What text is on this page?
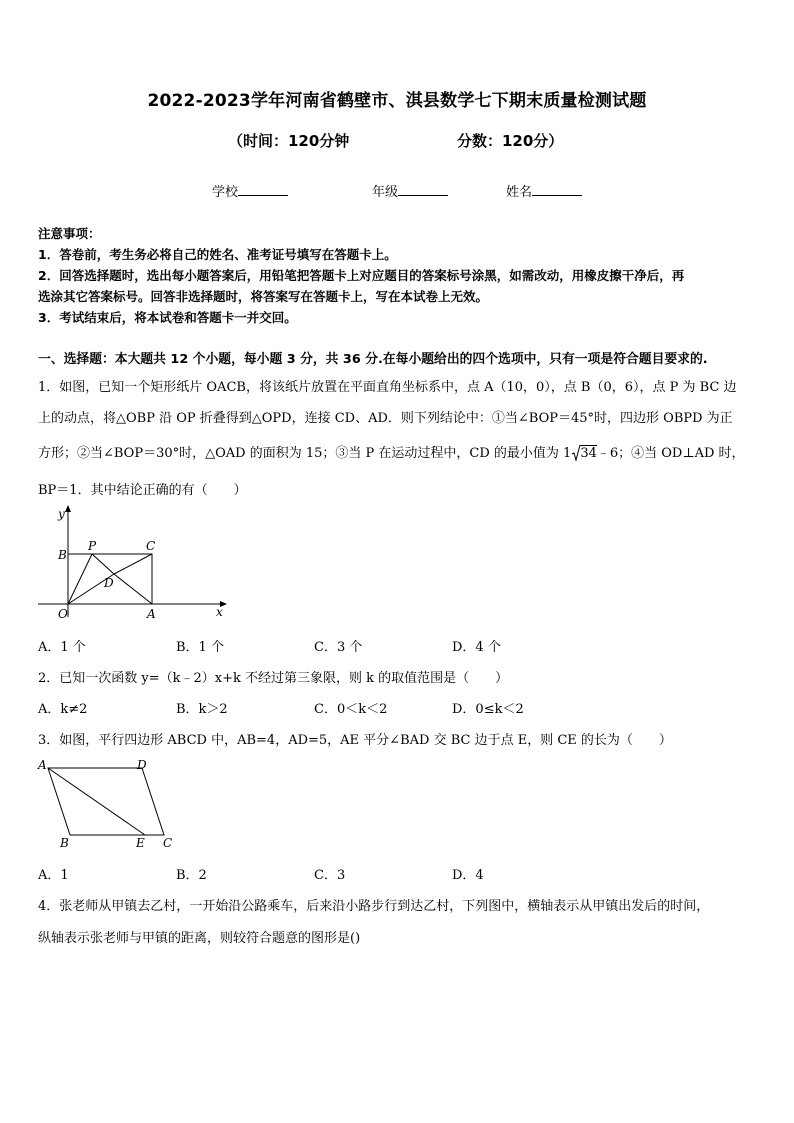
2022-2023学年河南省鹤壁市、淇县数学七下期末质量检测试题
（时间：120分钟	分数：120分）
学校	年级	姓名
注意事项：
1．答卷前，考生务必将自己的姓名、准考证号填写在答题卡上。
2．回答选择题时，选出每小题答案后，用铅笔把答题卡上对应题目的答案标号涂黑，如需改动，用橡皮擦干净后，再
选涂其它答案标号。回答非选择题时，将答案写在答题卡上，写在本试卷上无效。
3．考试结束后，将本试卷和答题卡一并交回。
一、选择题：本大题共 12 个小题，每小题 3 分，共 36 分.在每小题给出的四个选项中，只有一项是符合题目要求的.
1．如图，已知一个矩形纸片 OACB，将该纸片放置在平面直角坐标系中，点 A（10，0），点 B（0，6），点 P 为 BC 边
上的动点，将△OBP 沿 OP 折叠得到△OPD，连接 CD、AD．则下列结论中：①当∠BOP＝45°时，四边形 OBPD 为正
方形；②当∠BOP＝30°时，△OAD 的面积为 15；③当 P 在运动过程中，CD 的最小值为 1 34﹣6；④当 OD⊥AD 时，
BP＝1．其中结论正确的有（　　）
y
x
B
P	C
D
O	A
A．1 个	B．1 个	C．3 个	D．4 个
2．已知一次函数 y=（k﹣2）x+k 不经过第三象限，则 k 的取值范围是（　　）
A．k≠2	B．k＞2	C．0＜k＜2	D．0≤k＜2
3．如图，平行四边形 ABCD 中，AB=4，AD=5，AE 平分∠BAD 交 BC 边于点 E，则 CE 的长为（　　）
A	D
B	E C
A．1	B．2	C．3	D．4
4．张老师从甲镇去乙村，一开始沿公路乘车，后来沿小路步行到达乙村，下列图中，横轴表示从甲镇出发后的时间，
纵轴表示张老师与甲镇的距离，则较符合题意的图形是()
